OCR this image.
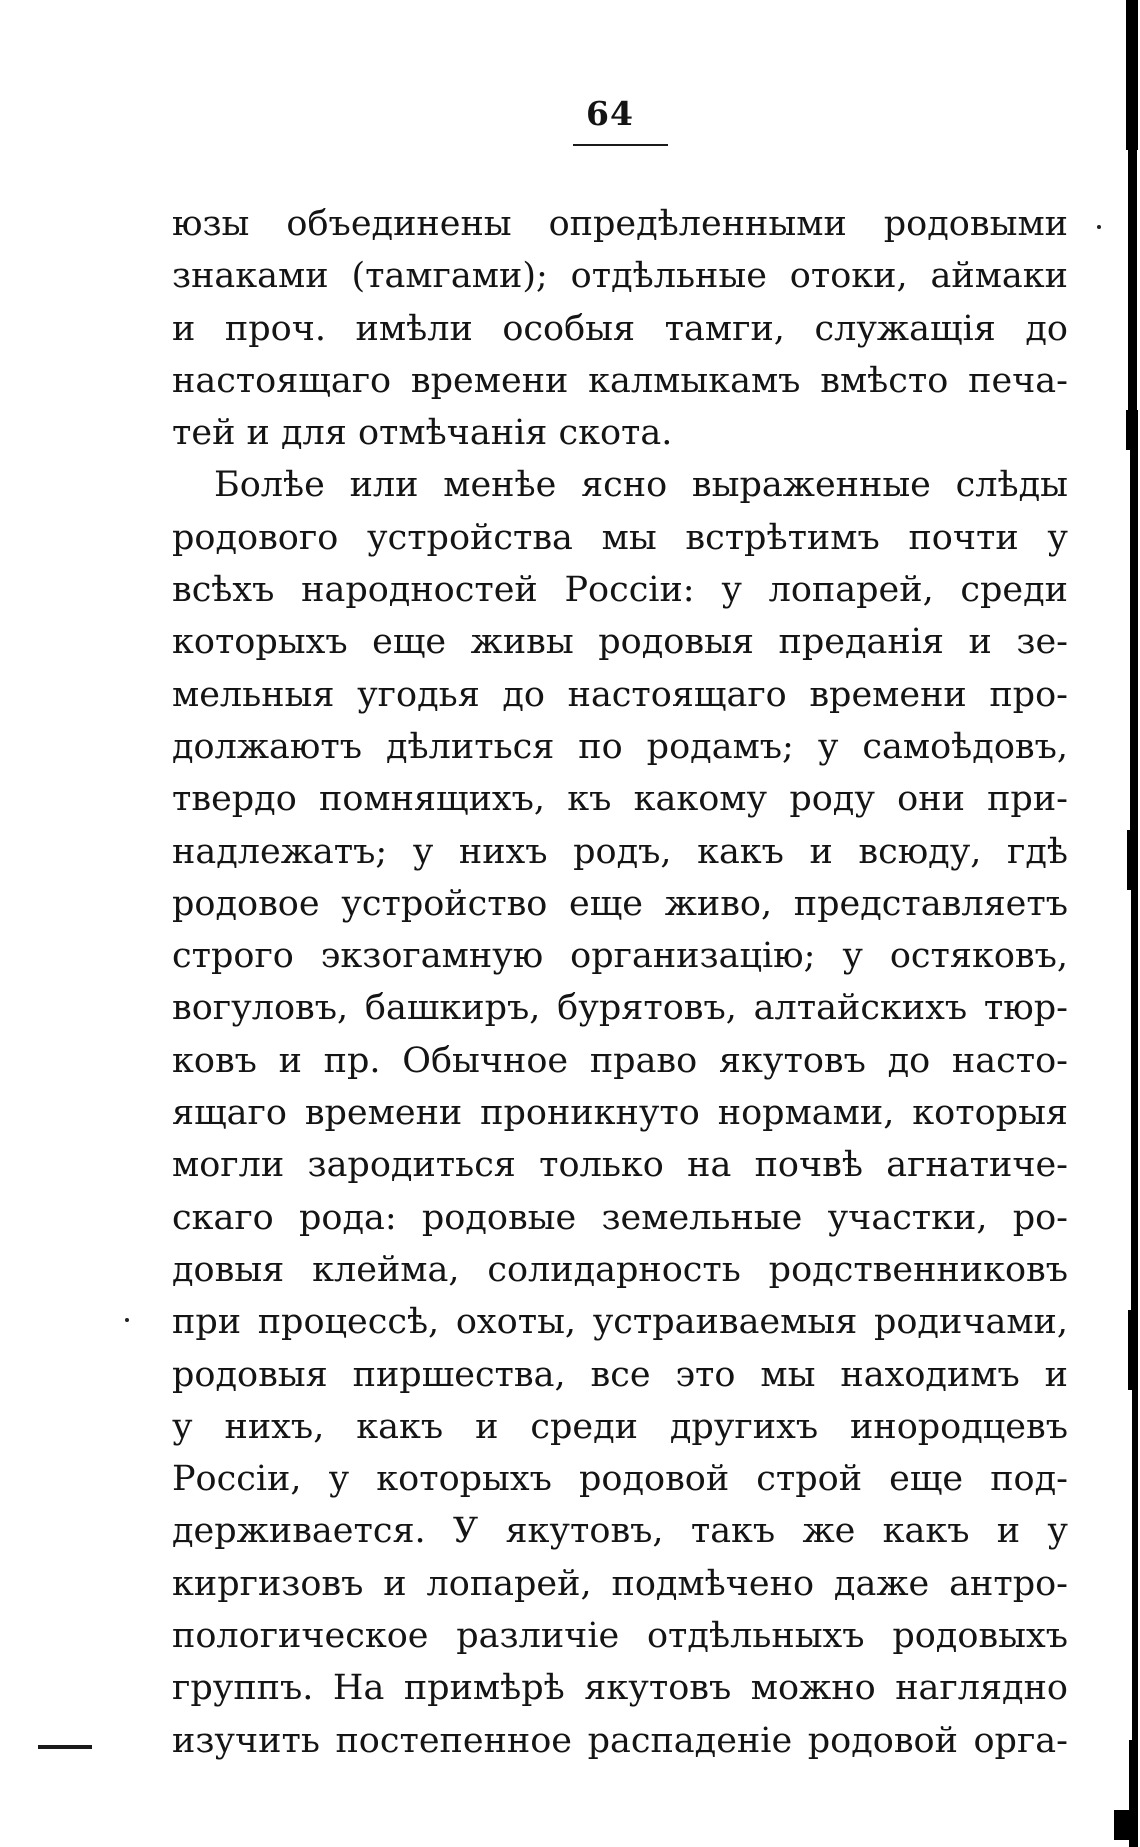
64
юзы объединены опредѣленными родовыми
знаками (тамгами); отдѣльные отоки, аймаки
и проч. имѣли особыя тамги, служащія до
настоящаго времени калмыкамъ вмѣсто печа-
тей и для отмѣчанія скота.
Болѣе или менѣе ясно выраженные слѣды
родового устройства мы встрѣтимъ почти у
всѣхъ народностей Россіи: у лопарей, среди
которыхъ еще живы родовыя преданія и зе-
мельныя угодья до настоящаго времени про-
должаютъ дѣлиться по родамъ; у самоѣдовъ,
твердо помнящихъ, къ какому роду они при-
надлежатъ; у нихъ родъ, какъ и всюду, гдѣ
родовое устройство еще живо, представляетъ
строго экзогамную организацію; у остяковъ,
вогуловъ, башкиръ, бурятовъ, алтайскихъ тюр-
ковъ и пр. Обычное право якутовъ до насто-
ящаго времени проникнуто нормами, которыя
могли зародиться только на почвѣ агнатиче-
скаго рода: родовые земельные участки, ро-
довыя клейма, солидарность родственниковъ
при процессѣ, охоты, устраиваемыя родичами,
родовыя пиршества, все это мы находимъ и
у нихъ, какъ и среди другихъ инородцевъ
Россіи, у которыхъ родовой строй еще под-
держивается. У якутовъ, такъ же какъ и у
киргизовъ и лопарей, подмѣчено даже антро-
пологическое различіе отдѣльныхъ родовыхъ
группъ. На примѣрѣ якутовъ можно наглядно
изучить постепенное распаденіе родовой орга-
